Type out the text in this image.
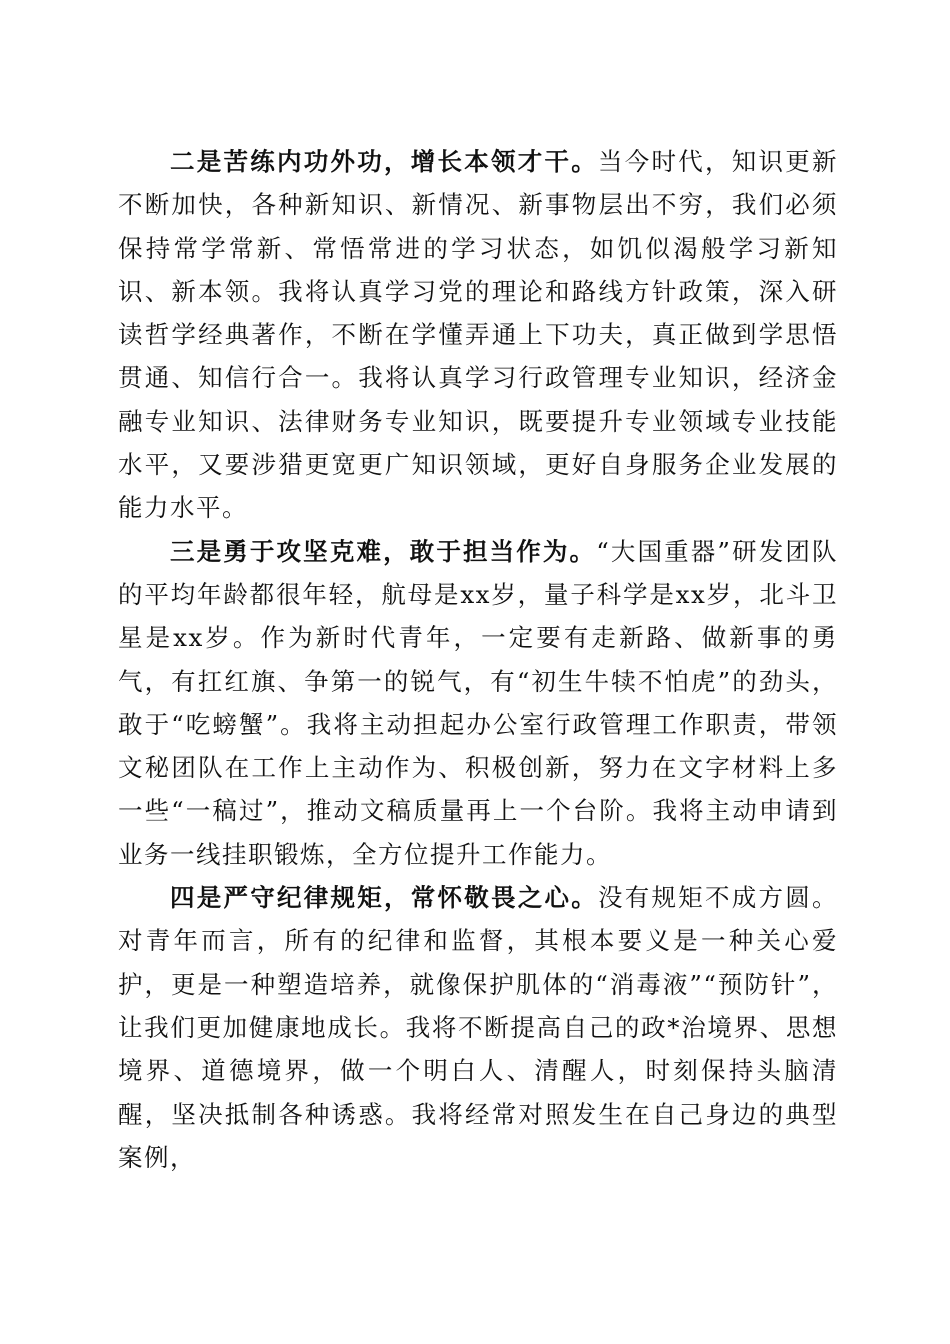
二是苦练内功外功，增长本领才干。当今时代，知识更新不断加快，各种新知识、新情况、新事物层出不穷，我们必须保持常学常新、常悟常进的学习状态，如饥似渴般学习新知识、新本领。我将认真学习党的理论和路线方针政策，深入研读哲学经典著作，不断在学懂弄通上下功夫，真正做到学思悟贯通、知信行合一。我将认真学习行政管理专业知识，经济金融专业知识、法律财务专业知识，既要提升专业领域专业技能水平，又要涉猎更宽更广知识领域，更好自身服务企业发展的能力水平。

三是勇于攻坚克难，敢于担当作为。“大国重器”研发团队的平均年龄都很年轻，航母是xx岁，量子科学是xx岁，北斗卫星是xx岁。作为新时代青年，一定要有走新路、做新事的勇气，有扛红旗、争第一的锐气，有“初生牛犊不怕虎”的劲头，敢于“吃螃蟹”。我将主动担起办公室行政管理工作职责，带领文秘团队在工作上主动作为、积极创新，努力在文字材料上多一些“一稿过”，推动文稿质量再上一个台阶。我将主动申请到业务一线挂职锻炼，全方位提升工作能力。

四是严守纪律规矩，常怀敬畏之心。没有规矩不成方圆。对青年而言，所有的纪律和监督，其根本要义是一种关心爱护，更是一种塑造培养，就像保护肌体的“消毒液”“预防针”，让我们更加健康地成长。我将不断提高自己的政*治境界、思想境界、道德境界，做一个明白人、清醒人，时刻保持头脑清醒，坚决抵制各种诱惑。我将经常对照发生在自己身边的典型案例，
